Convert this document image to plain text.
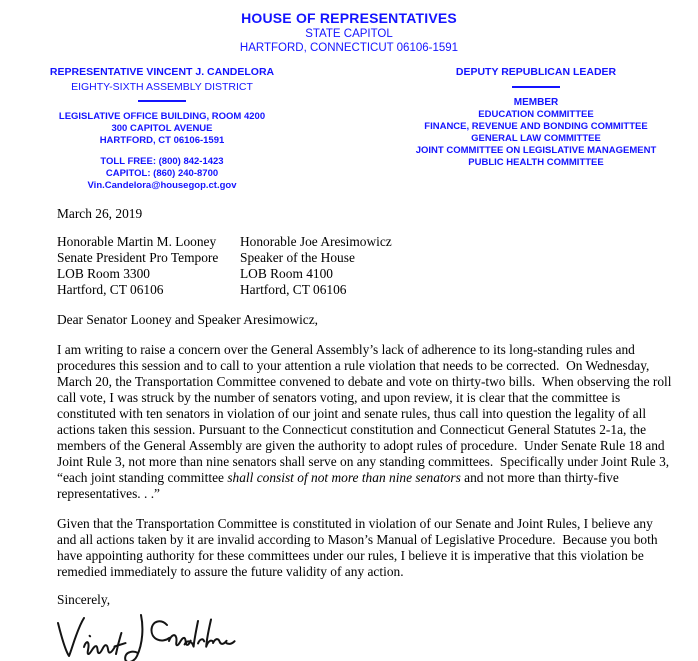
HOUSE OF REPRESENTATIVES
STATE CAPITOL
HARTFORD, CONNECTICUT 06106-1591
REPRESENTATIVE VINCENT J. CANDELORA
EIGHTY-SIXTH ASSEMBLY DISTRICT
LEGISLATIVE OFFICE BUILDING, ROOM 4200
300 CAPITOL AVENUE
HARTFORD, CT 06106-1591
TOLL FREE: (800) 842-1423
CAPITOL: (860) 240-8700
Vin.Candelora@housegop.ct.gov
DEPUTY REPUBLICAN LEADER
MEMBER
EDUCATION COMMITTEE
FINANCE, REVENUE AND BONDING COMMITTEE
GENERAL LAW COMMITTEE
JOINT COMMITTEE ON LEGISLATIVE MANAGEMENT
PUBLIC HEALTH COMMITTEE
March 26, 2019
Honorable Martin M. Looney
Senate President Pro Tempore
LOB Room 3300
Hartford, CT 06106
Honorable Joe Aresimowicz
Speaker of the House
LOB Room 4100
Hartford, CT 06106
Dear Senator Looney and Speaker Aresimowicz,

I am writing to raise a concern over the General Assembly’s lack of adherence to its long-standing rules and procedures this session and to call to your attention a rule violation that needs to be corrected.  On Wednesday, March 20, the Transportation Committee convened to debate and vote on thirty-two bills.  When observing the roll call vote, I was struck by the number of senators voting, and upon review, it is clear that the committee is constituted with ten senators in violation of our joint and senate rules, thus call into question the legality of all actions taken this session. Pursuant to the Connecticut constitution and Connecticut General Statutes 2-1a, the members of the General Assembly are given the authority to adopt rules of procedure.  Under Senate Rule 18 and Joint Rule 3, not more than nine senators shall serve on any standing committees.  Specifically under Joint Rule 3, “each joint standing committee shall consist of not more than nine senators and not more than thirty-five representatives. . .”

Given that the Transportation Committee is constituted in violation of our Senate and Joint Rules, I believe any and all actions taken by it are invalid according to Mason’s Manual of Legislative Procedure.  Because you both have appointing authority for these committees under our rules, I believe it is imperative that this violation be remedied immediately to assure the future validity of any action.

Sincerely,
